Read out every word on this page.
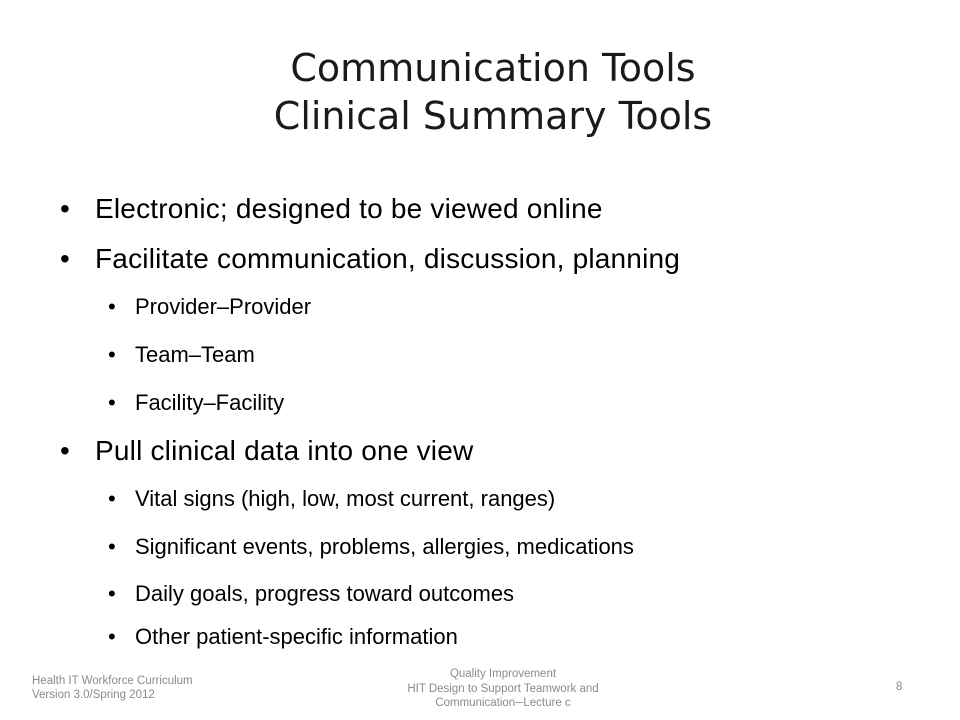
Communication Tools
Clinical Summary Tools
• Electronic; designed to be viewed online
• Facilitate communication, discussion, planning
• Provider–Provider
• Team–Team
• Facility–Facility
• Pull clinical data into one view
• Vital signs (high, low, most current, ranges)
• Significant events, problems, allergies, medications
• Daily goals, progress toward outcomes
• Other patient-specific information
Health IT Workforce Curriculum
Version 3.0/Spring 2012
Quality Improvement
HIT Design to Support Teamwork and
Communication─Lecture c
8
